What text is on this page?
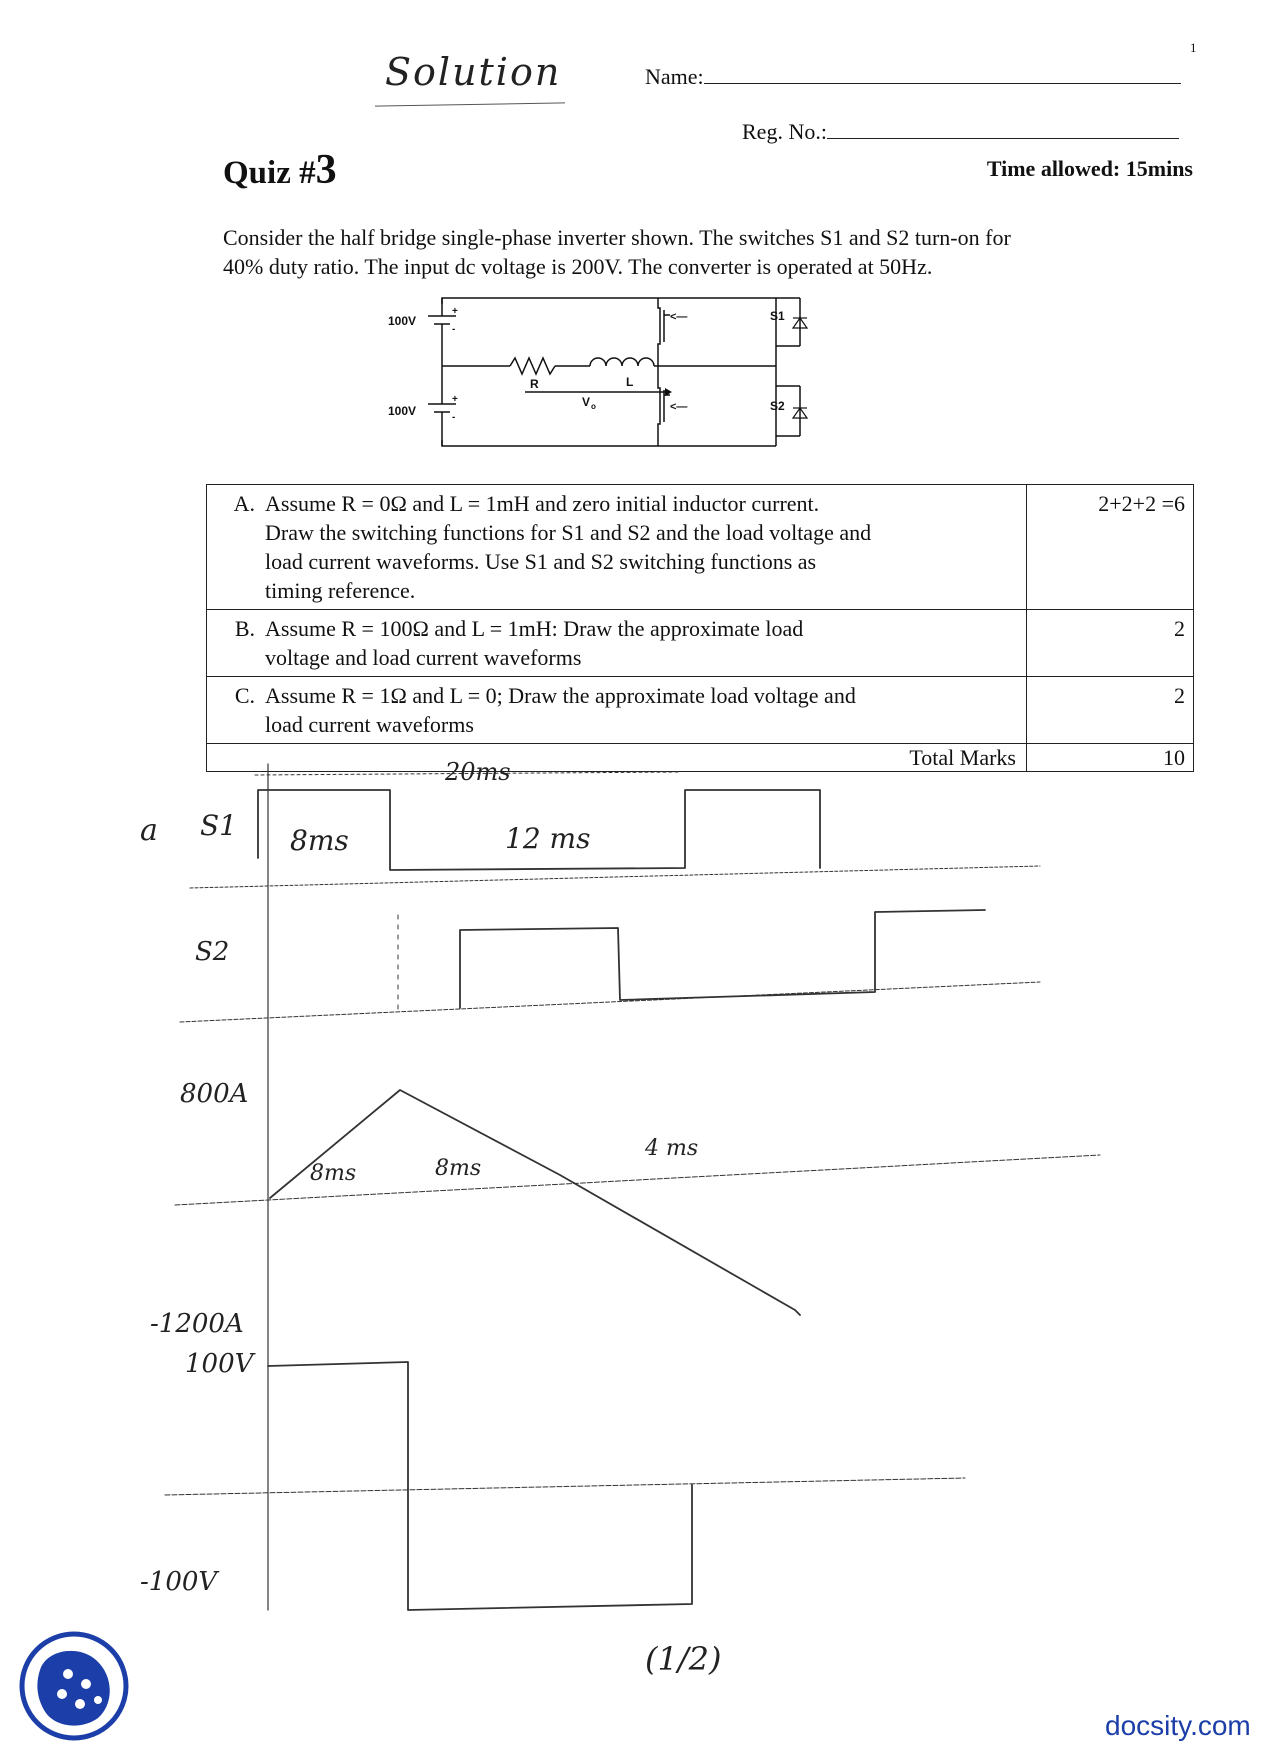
Solution
1
Name:
Reg. No.:
Quiz #3	Time allowed: 15mins
Consider the half bridge single-phase inverter shown. The switches S1 and S2 turn-on for
40% duty ratio. The input dc voltage is 200V. The converter is operated at 50Hz.
100V
100V
+
+
-
-
R	L
V o
<—	S1
<—	S2
A. Assume R = 0Ω and L = 1mH and zero initial inductor current.
Draw the switching functions for S1 and S2 and the load voltage and
load current waveforms. Use S1 and S2 switching functions as
timing reference.	2+2+2 =6
B. Assume R = 100Ω and L = 1mH: Draw the approximate load
voltage and load current waveforms	2
C. Assume R = 1Ω and L = 0; Draw the approximate load voltage and
load current waveforms	2
Total Marks	10
a S1
S2
20ms
8ms	12 ms
800A
8ms	8ms
4 ms
-1200A
100V
-100V
(1/2)
docsity.com
